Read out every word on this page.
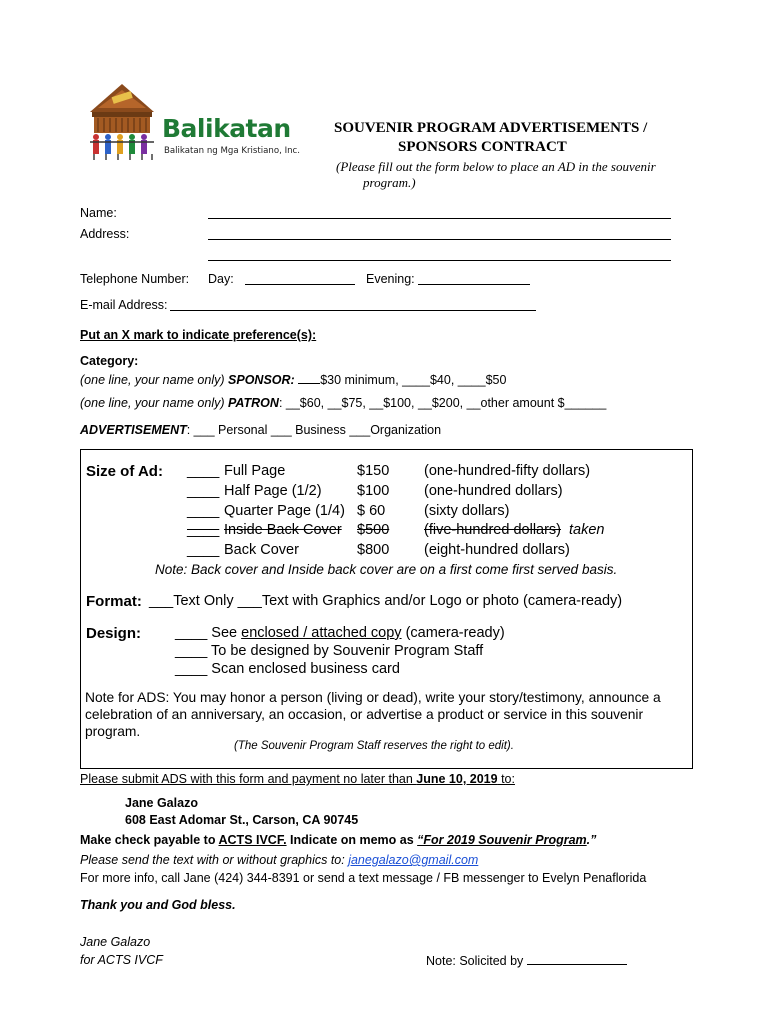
Balikatan
Balikatan ng Mga Kristiano, Inc.
SOUVENIR PROGRAM ADVERTISEMENTS /
SPONSORS CONTRACT
(Please fill out the form below to place an AD in the souvenir
program.)
Name:
Address:
Telephone Number: Day:	Evening:
E-mail Address:
Put an X mark to indicate preference(s):
Category:
(one line, your name only) SPONSOR: $30 minimum, ____$40, ____$50
(one line, your name only) PATRON: __$60, __$75, __$100, __$200, __other amount $______
ADVERTISEMENT: ___ Personal ___ Business ___Organization
Size of Ad: ____ Full Page	$150 (one-hundred-fifty dollars)
____ Half Page (1/2) $100 (one-hundred dollars)
____ Quarter Page (1/4) $ 60	(sixty dollars)
____ Inside Back Cover $500 (five-hundred dollars) taken
____ Back Cover	$800 (eight-hundred dollars)
Note: Back cover and Inside back cover are on a first come first served basis.
Format: ___Text Only ___Text with Graphics and/or Logo or photo (camera-ready)
Design: ____ See enclosed / attached copy (camera-ready)
____ To be designed by Souvenir Program Staff
____ Scan enclosed business card
Note for ADS: You may honor a person (living or dead), write your story/testimony, announce a
celebration of an anniversary, an occasion, or advertise a product or service in this souvenir
program.
(The Souvenir Program Staff reserves the right to edit).
Please submit ADS with this form and payment no later than June 10, 2019 to:
Jane Galazo
608 East Adomar St., Carson, CA 90745
Make check payable to ACTS IVCF. Indicate on memo as “For 2019 Souvenir Program.”
Please send the text with or without graphics to: janegalazo@gmail.com
For more info, call Jane (424) 344-8391 or send a text message / FB messenger to Evelyn Penaflorida
Thank you and God bless.
Jane Galazo
for ACTS IVCF	Note: Solicited by
